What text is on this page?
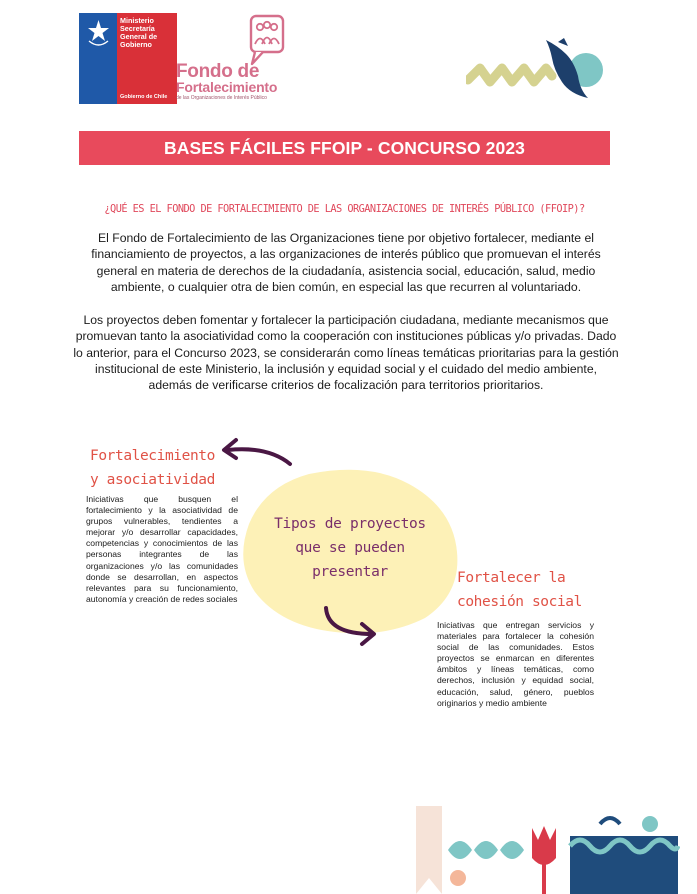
Ministerio
Secretaría
General de
Gobierno
Gobierno de Chile
Fondo de
Fortalecimiento
de las Organizaciones de Interés Público
BASES FÁCILES FFOIP - CONCURSO 2023
¿QUÉ ES EL FONDO DE FORTALECIMIENTO DE LAS ORGANIZACIONES DE INTERÉS PÚBLICO (FFOIP)?
El Fondo de Fortalecimiento de las Organizaciones tiene por objetivo fortalecer, mediante el financiamiento de proyectos, a las organizaciones de interés público que promuevan el interés general en materia de derechos de la ciudadanía, asistencia social, educación, salud, medio ambiente, o cualquier otra de bien común, en especial las que recurren al voluntariado.
Los proyectos deben fomentar y fortalecer la participación ciudadana, mediante mecanismos que promuevan tanto la asociatividad como la cooperación con instituciones públicas y/o privadas. Dado lo anterior, para el Concurso 2023, se considerarán como líneas temáticas prioritarias para la gestión institucional de este Ministerio, la inclusión y equidad social y el cuidado del medio ambiente, además de verificarse criterios de focalización para territorios prioritarios.
Tipos de proyectos
que se pueden
presentar
Fortalecimiento
y asociatividad
Iniciativas que busquen el fortalecimiento y la asociatividad de grupos vulnerables, tendientes a mejorar y/o desarrollar capacidades, competencias y conocimientos de las personas integrantes de las organizaciones y/o las comunidades donde se desarrollan, en aspectos relevantes para su funcionamiento, autonomía y creación de redes sociales
Fortalecer la
cohesión social
Iniciativas que entregan servicios y materiales para fortalecer la cohesión social de las comunidades. Estos proyectos se enmarcan en diferentes ámbitos y líneas temáticas, como derechos, inclusión y equidad social, educación, salud, género, pueblos originarios y medio ambiente
